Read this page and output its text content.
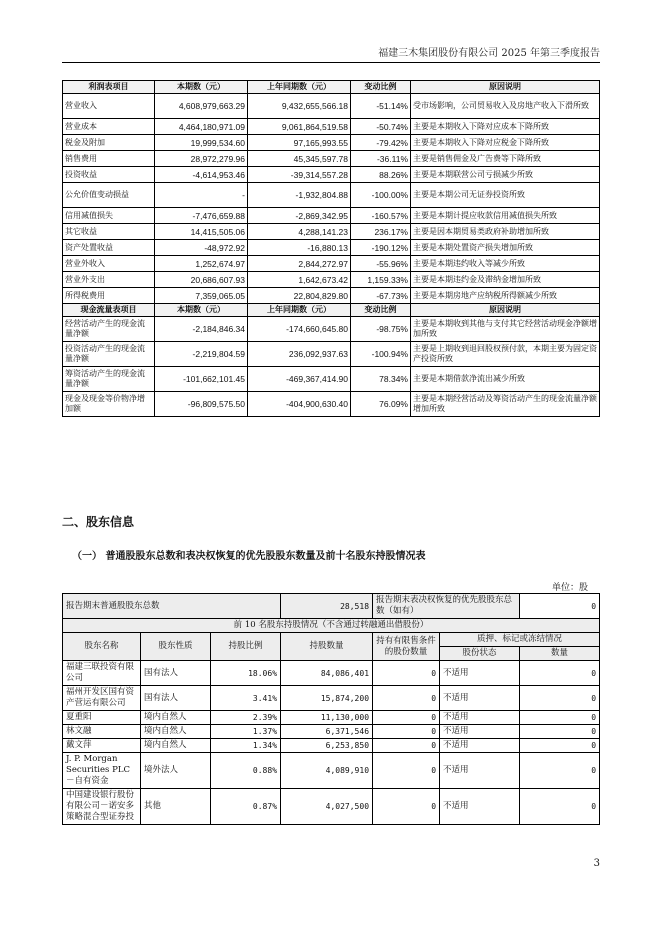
福建三木集团股份有限公司 2025 年第三季度报告
利润表项目	本期数（元）	上年同期数（元）	变动比例	原因说明
营业收入	4,608,979,663.29	9,432,655,566.18	-51.14%	受市场影响，公司贸易收入及房地产收入下滑所致
营业成本	4,464,180,971.09	9,061,864,519.58	-50.74%	主要是本期收入下降对应成本下降所致
税金及附加	19,999,534.60	97,165,993.55	-79.42%	主要是本期收入下降对应税金下降所致
销售费用	28,972,279.96	45,345,597.78	-36.11%	主要是销售佣金及广告费等下降所致
投资收益	-4,614,953.46	-39,314,557.28	88.26%	主要是本期联营公司亏损减少所致
公允价值变动损益	-	-1,932,804.88	-100.00%	主要是本期公司无证券投资所致
信用减值损失	-7,476,659.88	-2,869,342.95	-160.57%	主要是本期计提应收款信用减值损失所致
其它收益	14,415,505.06	4,288,141.23	236.17%	主要是因本期贸易类政府补助增加所致
资产处置收益	-48,972.92	-16,880.13	-190.12%	主要是本期处置资产损失增加所致
营业外收入	1,252,674.97	2,844,272.97	-55.96%	主要是本期违约收入等减少所致
营业外支出	20,686,607.93	1,642,673.42	1,159.33%	主要是本期违约金及滞纳金增加所致
所得税费用	7,359,065.05	22,804,829.80	-67.73%	主要是本期房地产应纳税所得额减少所致
现金流量表项目	本期数（元）	上年同期数（元）	变动比例	原因说明
经营活动产生的现金流量净额	-2,184,846.34	-174,660,645.80	-98.75%	主要是本期收到其他与支付其它经营活动现金净额增加所致
投资活动产生的现金流量净额	-2,219,804.59	236,092,937.63	-100.94%	主要是上期收到退回股权预付款，本期主要为固定资产投资所致
筹资活动产生的现金流量净额	-101,662,101.45	-469,367,414.90	78.34%	主要是本期借款净流出减少所致
现金及现金等价物净增加额	-96,809,575.50	-404,900,630.40	76.09%	主要是本期经营活动及筹资活动产生的现金流量净额增加所致
二、股东信息
（一） 普通股股东总数和表决权恢复的优先股股东数量及前十名股东持股情况表
单位：股
报告期末普通股股东总数			28,518	报告期末表决权恢复的优先股股东总数（如有）		0
前 10 名股东持股情况（不含通过转融通出借股份）						
股东名称	股东性质	持股比例	持股数量	持有有限售条件的股份数量	质押、标记或冻结情况	
					股份状态	数量
福建三联投资有限公司	国有法人	18.06%	84,086,401	0	不适用	0
福州开发区国有资产营运有限公司	国有法人	3.41%	15,874,200	0	不适用	0
夏重阳	境内自然人	2.39%	11,130,000	0	不适用	0
林文融	境内自然人	1.37%	6,371,546	0	不适用	0
戴文萍	境内自然人	1.34%	6,253,850	0	不适用	0
J. P. Morgan Securities PLC－自有资金	境外法人	0.88%	4,089,910	0	不适用	0
中国建设银行股份有限公司－诺安多策略混合型证券投	其他	0.87%	4,027,500	0	不适用	0
3
